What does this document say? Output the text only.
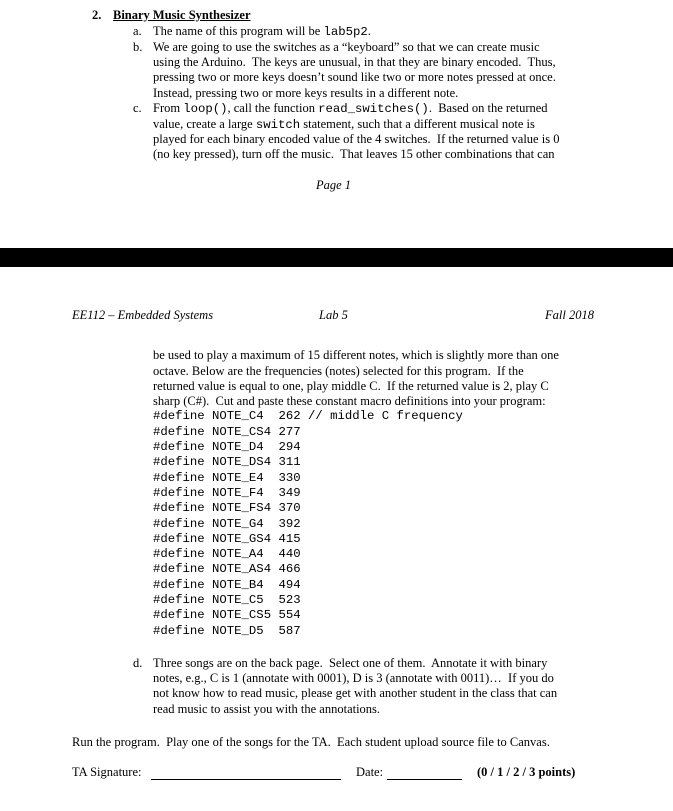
2. Binary Music Synthesizer
a. The name of this program will be lab5p2.
b. We are going to use the switches as a “keyboard” so that we can create music
using the Arduino.  The keys are unusual, in that they are binary encoded.  Thus,
pressing two or more keys doesn’t sound like two or more notes pressed at once.
Instead, pressing two or more keys results in a different note.
c. From loop(), call the function read_switches().  Based on the returned
value, create a large switch statement, such that a different musical note is
played for each binary encoded value of the 4 switches.  If the returned value is 0
(no key pressed), turn off the music.  That leaves 15 other combinations that can
Page 1
EE112 – Embedded Systems	Lab 5	Fall 2018
be used to play a maximum of 15 different notes, which is slightly more than one
octave. Below are the frequencies (notes) selected for this program.  If the
returned value is equal to one, play middle C.  If the returned value is 2, play C
sharp (C#).  Cut and paste these constant macro definitions into your program:
#define NOTE_C4  262 // middle C frequency
#define NOTE_CS4 277
#define NOTE_D4  294
#define NOTE_DS4 311
#define NOTE_E4  330
#define NOTE_F4  349
#define NOTE_FS4 370
#define NOTE_G4  392
#define NOTE_GS4 415
#define NOTE_A4  440
#define NOTE_AS4 466
#define NOTE_B4  494
#define NOTE_C5  523
#define NOTE_CS5 554
#define NOTE_D5  587
d. Three songs are on the back page.  Select one of them.  Annotate it with binary
notes, e.g., C is 1 (annotate with 0001), D is 3 (annotate with 0011)…  If you do
not know how to read music, please get with another student in the class that can
read music to assist you with the annotations.
Run the program.  Play one of the songs for the TA.  Each student upload source file to Canvas.
TA Signature:	Date:	(0 / 1 / 2 / 3 points)
